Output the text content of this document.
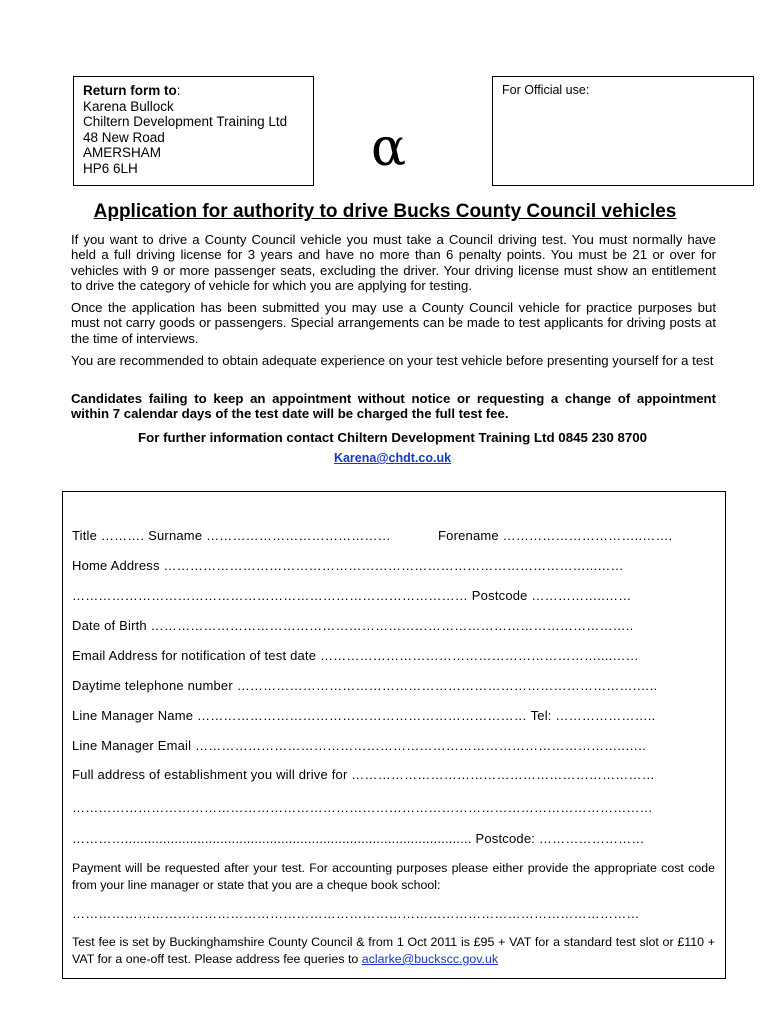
Return form to:
Karena Bullock
Chiltern Development Training Ltd
48 New Road
AMERSHAM
HP6 6LH
For Official use:
α
Application for authority to drive Bucks County Council vehicles

If you want to drive a County Council vehicle you must take a Council driving test. You must normally have held a full driving license for 3 years and have no more than 6 penalty points. You must be 21 or over for vehicles with 9 or more passenger seats, excluding the driver. Your driving license must show an entitlement to drive the category of vehicle for which you are applying for testing.

Once the application has been submitted you may use a County Council vehicle for practice purposes but must not carry goods or passengers. Special arrangements can be made to test applicants for driving posts at the time of interviews.

You are recommended to obtain adequate experience on your test vehicle before presenting yourself for a test

Candidates failing to keep an appointment without notice or requesting a change of appointment within 7 calendar days of the test date will be charged the full test fee.

For further information contact Chiltern Development Training Ltd 0845 230 8700

Karena@chdt.co.uk
Title ………. Surname ……………………………………	Forename …………………………..…….
Home Address ……………………………………………………………………………………...……
……………………………………………………………………………… Postcode ……………..……
Date of Birth ………………………………………………………………………………………………..
Email Address for notification of test date ………………………………………………………....……
Daytime telephone number ……………………………………………………………………………….…..
Line Manager Name ………………………………………………………………… Tel: …………………..
Line Manager Email ……………………………………………………………………………………..…..
Full address of establishment you will drive for ……………………………………………………………
……………………………………………………………………………………………………………………
…………........................................................................................... Postcode: ……………………

Payment will be requested after your test. For accounting purposes please either provide the appropriate cost code from your line manager or state that you are a cheque book school:

…………………………………………………………………………………………………………………

Test fee is set by Buckinghamshire County Council & from 1 Oct 2011 is £95 + VAT for a standard test slot or £110 + VAT for a one-off test. Please address fee queries to aclarke@buckscc.gov.uk
